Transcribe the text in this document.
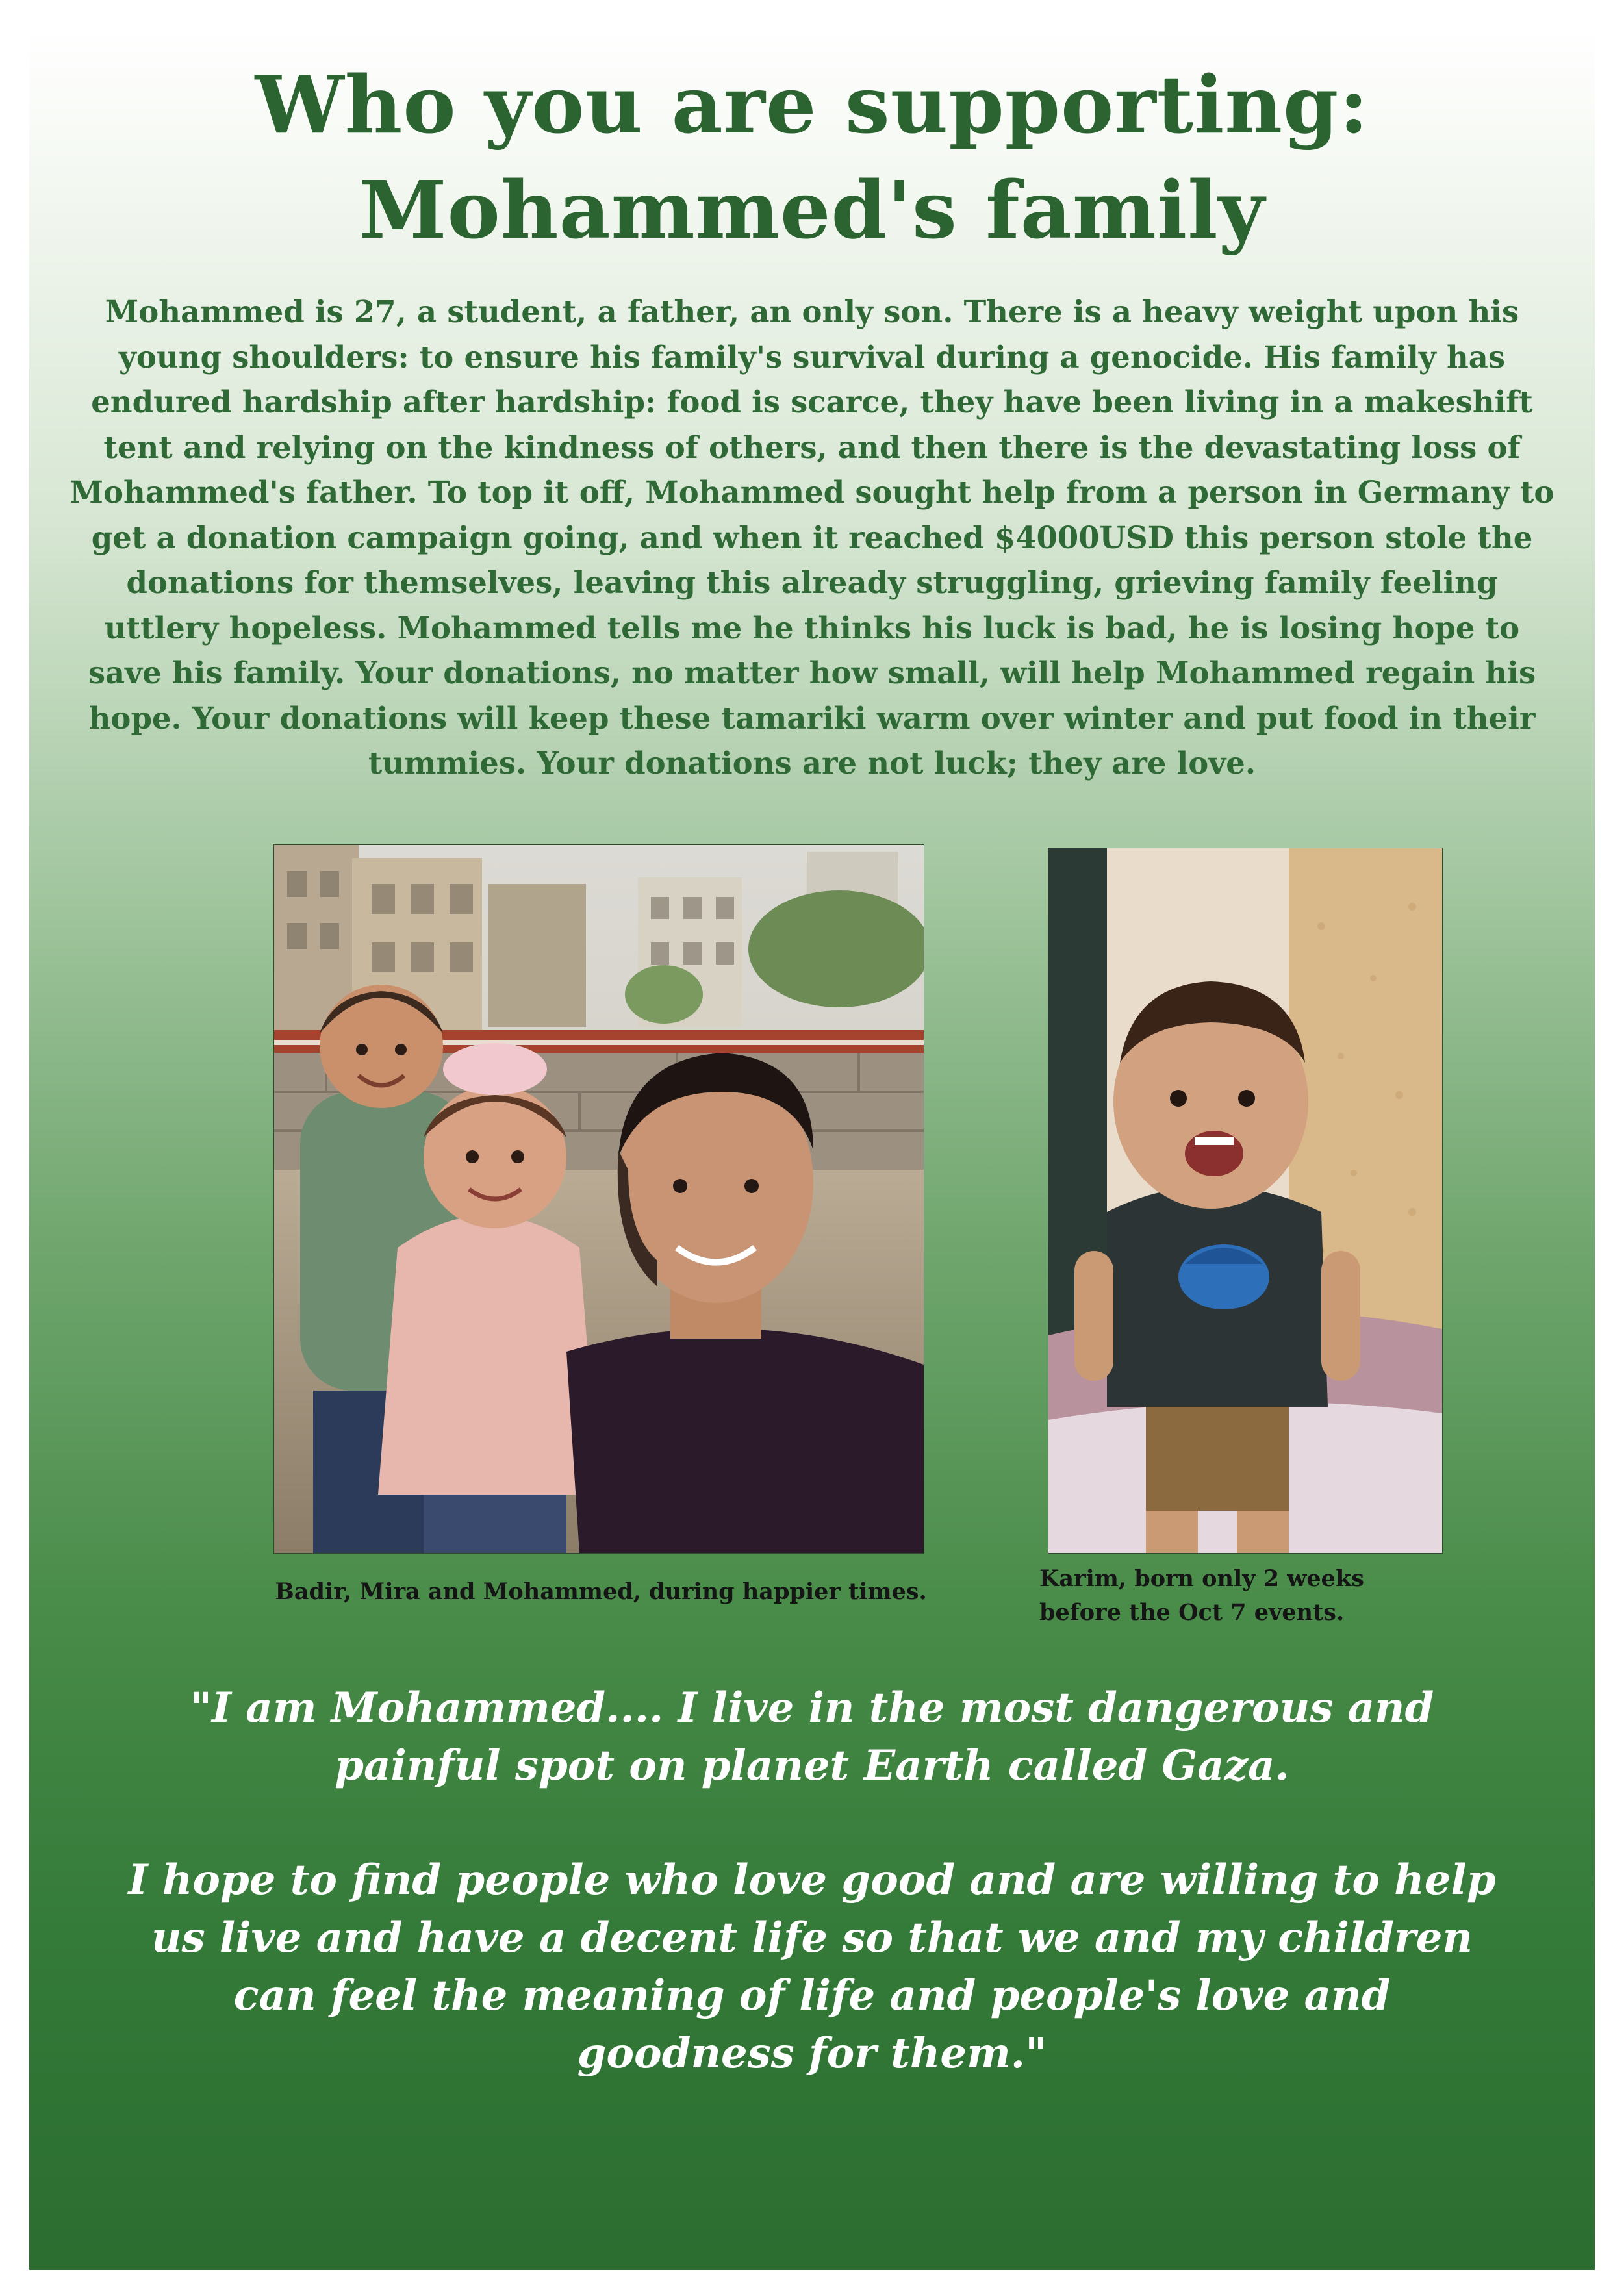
Who you are supporting:
Mohammed's family

Mohammed is 27, a student, a father, an only son. There is a heavy weight upon his young shoulders: to ensure his family's survival during a genocide. His family has endured hardship after hardship: food is scarce, they have been living in a makeshift tent and relying on the kindness of others, and then there is the devastating loss of Mohammed's father. To top it off, Mohammed sought help from a person in Germany to get a donation campaign going, and when it reached $4000USD this person stole the donations for themselves, leaving this already struggling, grieving family feeling uttlery hopeless. Mohammed tells me he thinks his luck is bad, he is losing hope to save his family. Your donations, no matter how small, will help Mohammed regain his hope. Your donations will keep these tamariki warm over winter and put food in their tummies. Your donations are not luck; they are love.

Badir, Mira and Mohammed, during happier times.	Karim, born only 2 weeks
before the Oct 7 events.

"I am Mohammed.... I live in the most dangerous and painful spot on planet Earth called Gaza.

I hope to find people who love good and are willing to help us live and have a decent life so that we and my children can feel the meaning of life and people's love and goodness for them."
